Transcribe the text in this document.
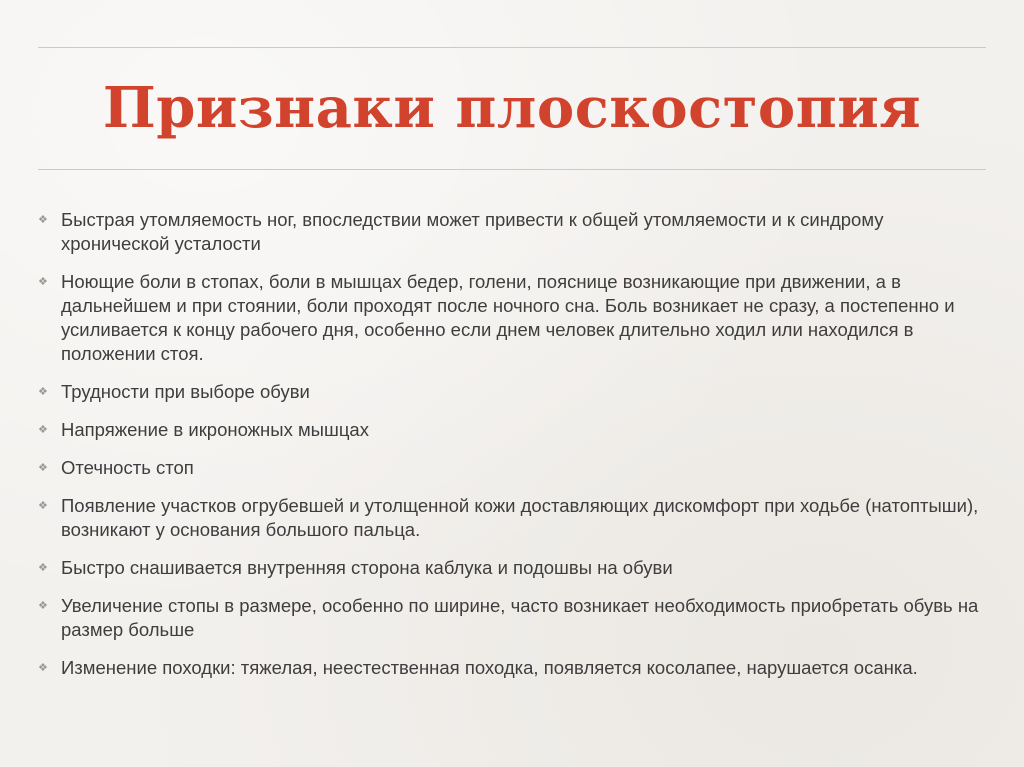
Признаки плоскостопия
❖ Быстрая утомляемость ног, впоследствии может привести к общей утомляемости и к синдрому хронической усталости
❖ Ноющие боли в стопах, боли в мышцах бедер, голени, пояснице возникающие при движении, а в дальнейшем и при стоянии, боли проходят после ночного сна. Боль возникает не сразу, а постепенно и усиливается к концу рабочего дня, особенно если днем человек длительно ходил или находился в положении стоя.
❖ Трудности при выборе обуви
❖ Напряжение в икроножных мышцах
❖ Отечность стоп
❖ Появление участков огрубевшей и утолщенной кожи доставляющих дискомфорт при ходьбе (натоптыши), возникают у основания большого пальца.
❖ Быстро снашивается внутренняя сторона каблука и подошвы на обуви
❖ Увеличение стопы в размере, особенно по ширине, часто возникает необходимость приобретать обувь на размер больше
❖ Изменение походки: тяжелая, неестественная походка, появляется косолапее, нарушается осанка.
